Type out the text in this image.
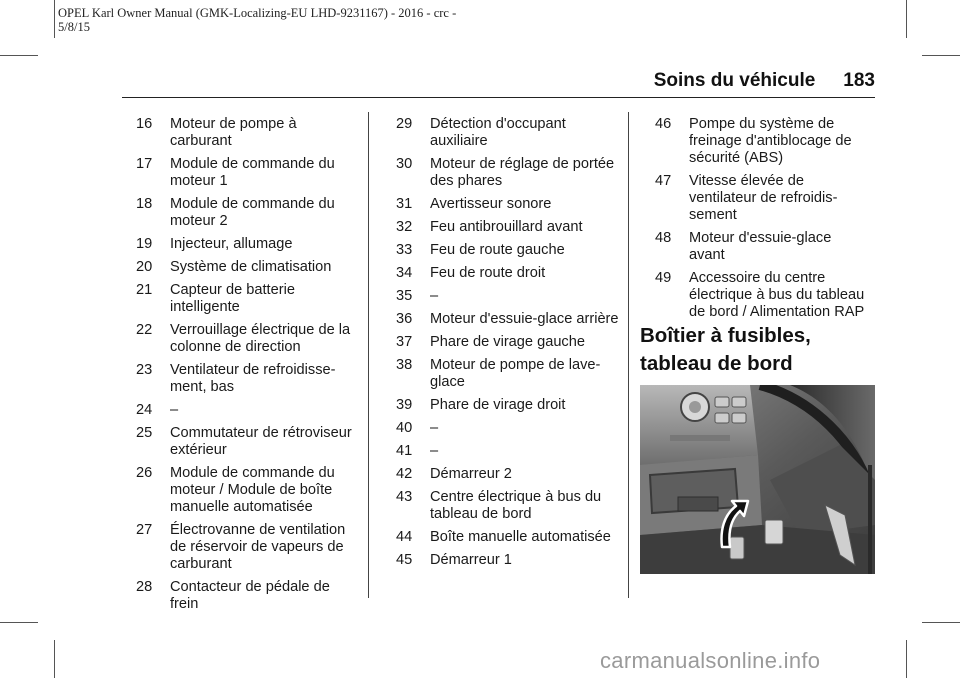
OPEL Karl Owner Manual (GMK-Localizing-EU LHD-9231167) - 2016 - crc -
5/8/15
Soins du véhicule 183
16 Moteur de pompe à carburant
17 Module de commande du moteur 1
18 Module de commande du moteur 2
19 Injecteur, allumage
20 Système de climatisation
21 Capteur de batterie intelligente
22 Verrouillage électrique de la colonne de direction
23 Ventilateur de refroidisse-ment, bas
24 –
25 Commutateur de rétroviseur extérieur
26 Module de commande du moteur / Module de boîte manuelle automatisée
27 Électrovanne de ventilation de réservoir de vapeurs de carburant
28 Contacteur de pédale de frein
29 Détection d'occupant auxiliaire
30 Moteur de réglage de portée des phares
31 Avertisseur sonore
32 Feu antibrouillard avant
33 Feu de route gauche
34 Feu de route droit
35 –
36 Moteur d'essuie-glace arrière
37 Phare de virage gauche
38 Moteur de pompe de lave-glace
39 Phare de virage droit
40 –
41 –
42 Démarreur 2
43 Centre électrique à bus du tableau de bord
44 Boîte manuelle automatisée
45 Démarreur 1
46 Pompe du système de freinage d'antiblocage de sécurité (ABS)
47 Vitesse élevée de ventilateur de refroidis-sement
48 Moteur d'essuie-glace avant
49 Accessoire du centre électrique à bus du tableau de bord / Alimentation RAP
Boîtier à fusibles, tableau de bord
carmanualsonline.info
